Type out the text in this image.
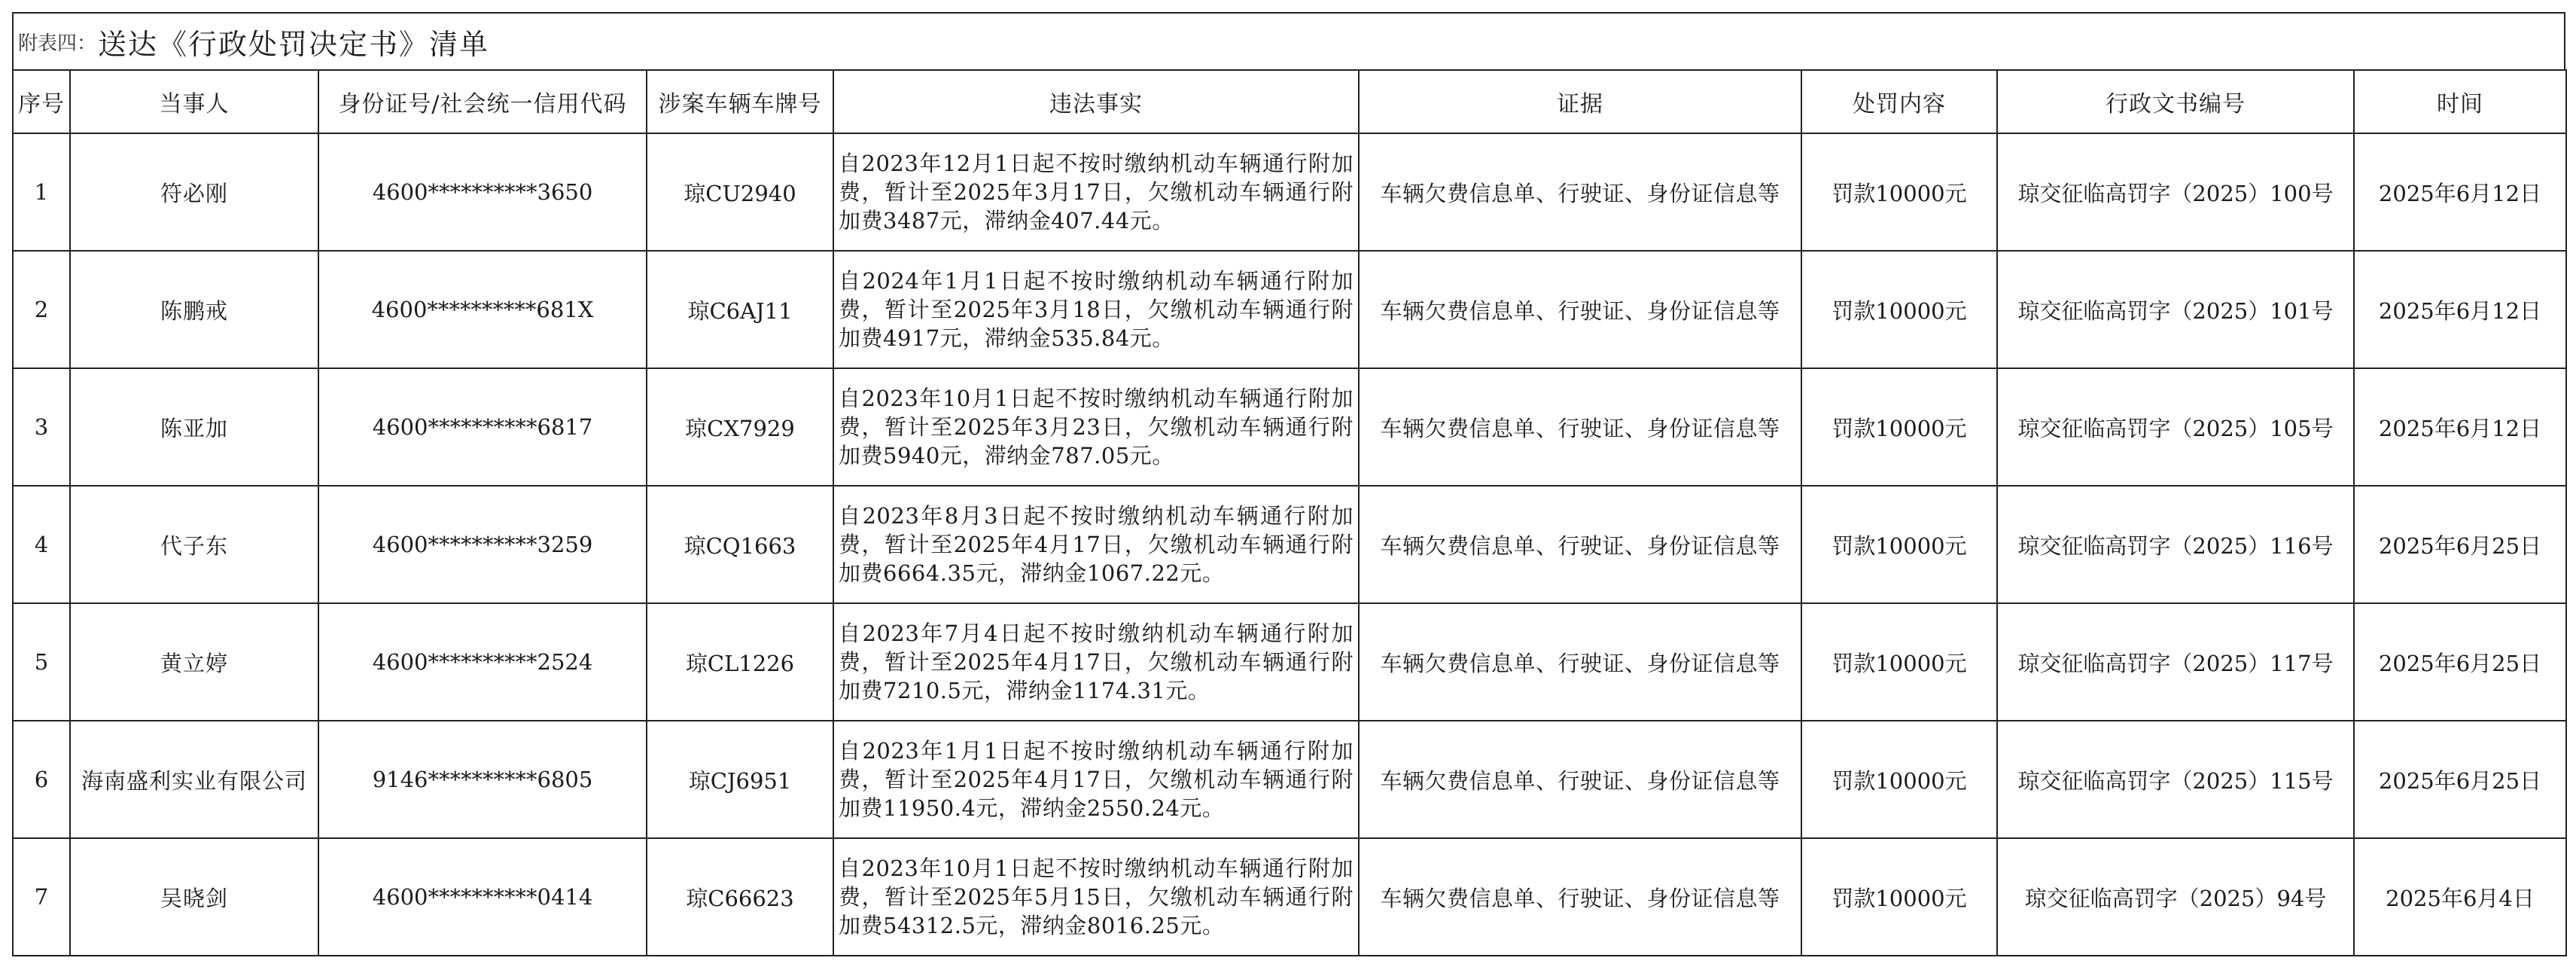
附表四： 送达《行政处罚决定书》清单
序号	当事人	身份证号/社会统一信用代码	涉案车辆车牌号	违法事实	证据	处罚内容	行政文书编号	时间
1	符必刚	4600**********3650	琼CU2940	自2023年12月1日起不按时缴纳机动车辆通行附加费，暂计至2025年3月17日，欠缴机动车辆通行附加费3487元，滞纳金407.44元。	车辆欠费信息单、行驶证、身份证信息等	罚款10000元	琼交征临高罚字（2025）100号	2025年6月12日
2	陈鹏戒	4600**********681X	琼C6AJ11	自2024年1月1日起不按时缴纳机动车辆通行附加费，暂计至2025年3月18日，欠缴机动车辆通行附加费4917元，滞纳金535.84元。	车辆欠费信息单、行驶证、身份证信息等	罚款10000元	琼交征临高罚字（2025）101号	2025年6月12日
3	陈亚加	4600**********6817	琼CX7929	自2023年10月1日起不按时缴纳机动车辆通行附加费，暂计至2025年3月23日，欠缴机动车辆通行附加费5940元，滞纳金787.05元。	车辆欠费信息单、行驶证、身份证信息等	罚款10000元	琼交征临高罚字（2025）105号	2025年6月12日
4	代子东	4600**********3259	琼CQ1663	自2023年8月3日起不按时缴纳机动车辆通行附加费，暂计至2025年4月17日，欠缴机动车辆通行附加费6664.35元，滞纳金1067.22元。	车辆欠费信息单、行驶证、身份证信息等	罚款10000元	琼交征临高罚字（2025）116号	2025年6月25日
5	黄立婷	4600**********2524	琼CL1226	自2023年7月4日起不按时缴纳机动车辆通行附加费，暂计至2025年4月17日，欠缴机动车辆通行附加费7210.5元，滞纳金1174.31元。	车辆欠费信息单、行驶证、身份证信息等	罚款10000元	琼交征临高罚字（2025）117号	2025年6月25日
6	海南盛利实业有限公司	9146**********6805	琼CJ6951	自2023年1月1日起不按时缴纳机动车辆通行附加费，暂计至2025年4月17日，欠缴机动车辆通行附加费11950.4元，滞纳金2550.24元。	车辆欠费信息单、行驶证、身份证信息等	罚款10000元	琼交征临高罚字（2025）115号	2025年6月25日
7	吴晓剑	4600**********0414	琼C66623	自2023年10月1日起不按时缴纳机动车辆通行附加费，暂计至2025年5月15日，欠缴机动车辆通行附加费54312.5元，滞纳金8016.25元。	车辆欠费信息单、行驶证、身份证信息等	罚款10000元	琼交征临高罚字（2025）94号	2025年6月4日
